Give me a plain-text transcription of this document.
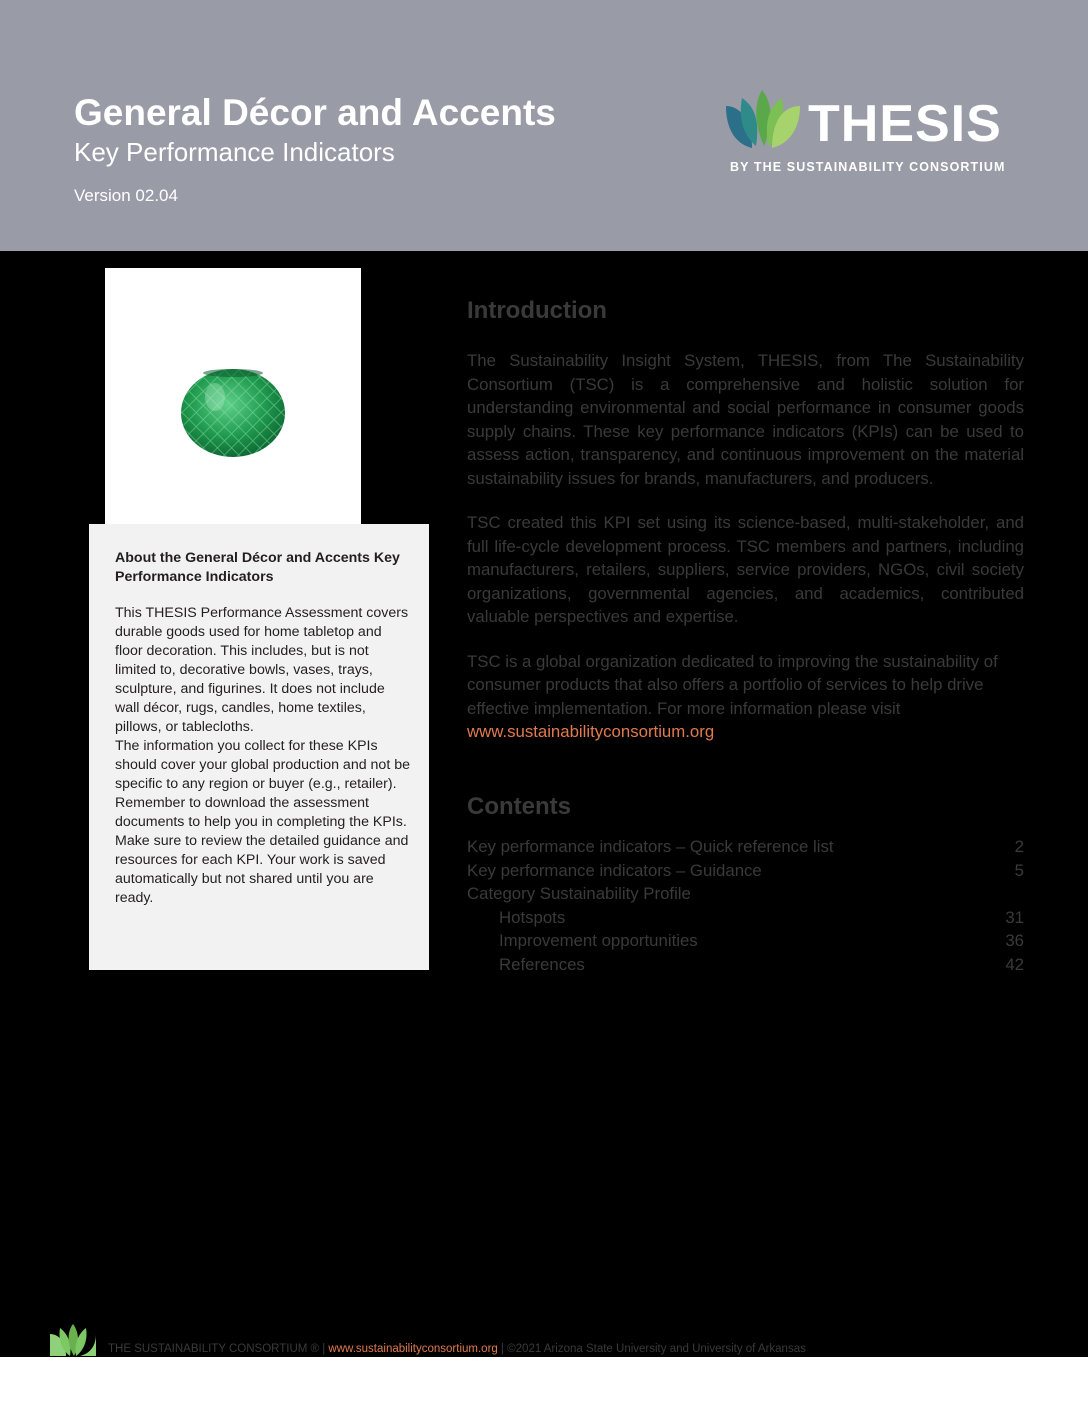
General Décor and Accents
Key Performance Indicators
Version 02.04
THESIS
BY THE SUSTAINABILITY CONSORTIUM
About the General Décor and Accents Key Performance Indicators

This THESIS Performance Assessment covers durable goods used for home tabletop and floor decoration. This includes, but is not limited to, decorative bowls, vases, trays, sculpture, and figurines. It does not include wall décor, rugs, candles, home textiles, pillows, or tablecloths.

The information you collect for these KPIs should cover your global production and not be specific to any region or buyer (e.g., retailer).

Remember to download the assessment documents to help you in completing the KPIs. Make sure to review the detailed guidance and resources for each KPI. Your work is saved automatically but not shared until you are ready.

Introduction

The Sustainability Insight System, THESIS, from The Sustainability Consortium (TSC) is a comprehensive and holistic solution for understanding environmental and social performance in consumer goods supply chains. These key performance indicators (KPIs) can be used to assess action, transparency, and continuous improvement on the material sustainability issues for brands, manufacturers, and producers.

TSC created this KPI set using its science-based, multi-stakeholder, and full life-cycle development process. TSC members and partners, including manufacturers, retailers, suppliers, service providers, NGOs, civil society organizations, governmental agencies, and academics, contributed valuable perspectives and expertise.

TSC is a global organization dedicated to improving the sustainability of consumer products that also offers a portfolio of services to help drive effective implementation. For more information please visit
www.sustainabilityconsortium.org

Contents
Key performance indicators – Quick reference list	2
Key performance indicators – Guidance	5
Category Sustainability Profile
Hotspots	31
Improvement opportunities	36
References	42
THE SUSTAINABILITY CONSORTIUM ® | www.sustainabilityconsortium.org | ©2021 Arizona State University and University of Arkansas
